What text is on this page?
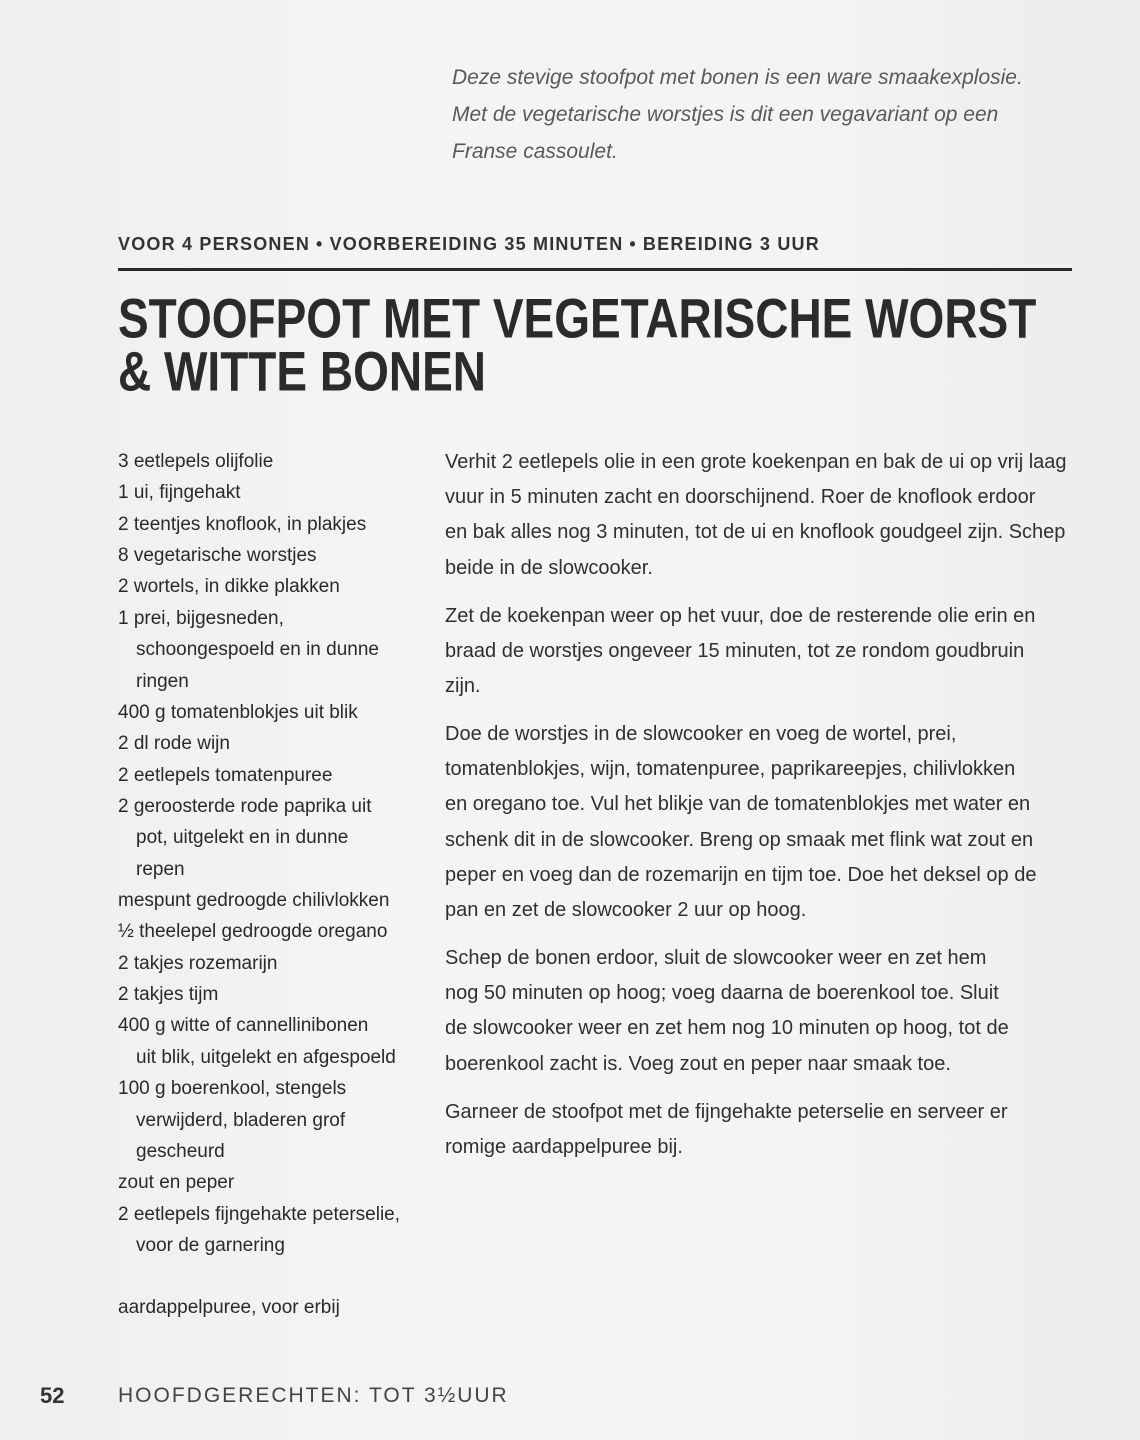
Deze stevige stoofpot met bonen is een ware smaakexplosie.
Met de vegetarische worstjes is dit een vegavariant op een
Franse cassoulet.
VOOR 4 PERSONEN • VOORBEREIDING 35 MINUTEN • BEREIDING 3 UUR
STOOFPOT MET VEGETARISCHE WORST
& WITTE BONEN
3 eetlepels olijfolie
1 ui, fijngehakt
2 teentjes knoflook, in plakjes
8 vegetarische worstjes
2 wortels, in dikke plakken
1 prei, bijgesneden,
schoongespoeld en in dunne
ringen
400 g tomatenblokjes uit blik
2 dl rode wijn
2 eetlepels tomatenpuree
2 geroosterde rode paprika uit
pot, uitgelekt en in dunne
repen
mespunt gedroogde chilivlokken
½ theelepel gedroogde oregano
2 takjes rozemarijn
2 takjes tijm
400 g witte of cannellinibonen
uit blik, uitgelekt en afgespoeld
100 g boerenkool, stengels
verwijderd, bladeren grof
gescheurd
zout en peper
2 eetlepels fijngehakte peterselie,
voor de garnering
aardappelpuree, voor erbij

Verhit 2 eetlepels olie in een grote koekenpan en bak de ui op vrij laag
vuur in 5 minuten zacht en doorschijnend. Roer de knoflook erdoor
en bak alles nog 3 minuten, tot de ui en knoflook goudgeel zijn. Schep
beide in de slowcooker.

Zet de koekenpan weer op het vuur, doe de resterende olie erin en
braad de worstjes ongeveer 15 minuten, tot ze rondom goudbruin
zijn.

Doe de worstjes in de slowcooker en voeg de wortel, prei,
tomatenblokjes, wijn, tomatenpuree, paprikareepjes, chilivlokken
en oregano toe. Vul het blikje van de tomatenblokjes met water en
schenk dit in de slowcooker. Breng op smaak met flink wat zout en
peper en voeg dan de rozemarijn en tijm toe. Doe het deksel op de
pan en zet de slowcooker 2 uur op hoog.

Schep de bonen erdoor, sluit de slowcooker weer en zet hem
nog 50 minuten op hoog; voeg daarna de boerenkool toe. Sluit
de slowcooker weer en zet hem nog 10 minuten op hoog, tot de
boerenkool zacht is. Voeg zout en peper naar smaak toe.

Garneer de stoofpot met de fijngehakte peterselie en serveer er
romige aardappelpuree bij.

52	HOOFDGERECHTEN: TOT 3½UUR
